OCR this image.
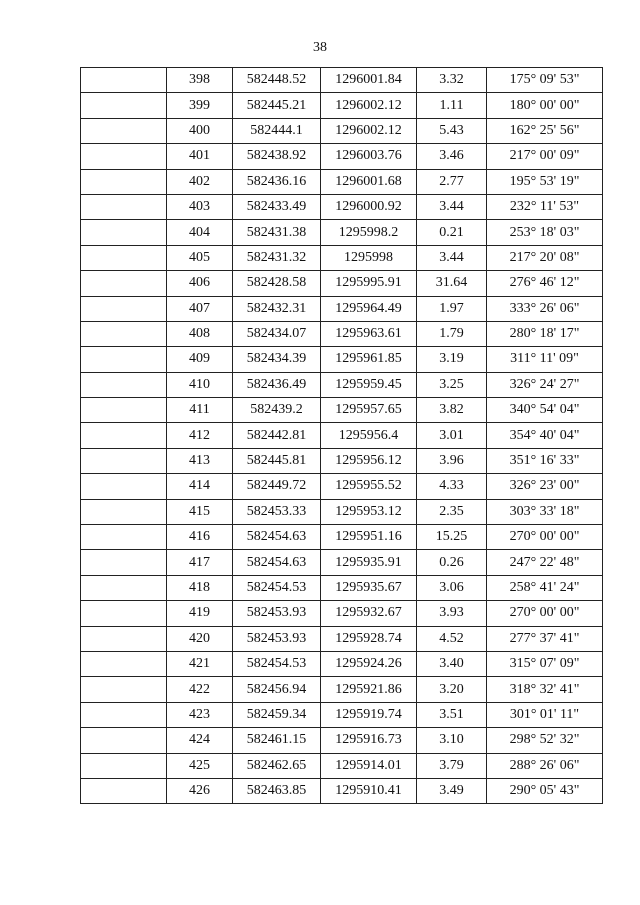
38
	398	582448.52	1296001.84	3.32	175° 09' 53"
	399	582445.21	1296002.12	1.11	180° 00' 00"
	400	582444.1	1296002.12	5.43	162° 25' 56"
	401	582438.92	1296003.76	3.46	217° 00' 09"
	402	582436.16	1296001.68	2.77	195° 53' 19"
	403	582433.49	1296000.92	3.44	232° 11' 53"
	404	582431.38	1295998.2	0.21	253° 18' 03"
	405	582431.32	1295998	3.44	217° 20' 08"
	406	582428.58	1295995.91	31.64	276° 46' 12"
	407	582432.31	1295964.49	1.97	333° 26' 06"
	408	582434.07	1295963.61	1.79	280° 18' 17"
	409	582434.39	1295961.85	3.19	311° 11' 09"
	410	582436.49	1295959.45	3.25	326° 24' 27"
	411	582439.2	1295957.65	3.82	340° 54' 04"
	412	582442.81	1295956.4	3.01	354° 40' 04"
	413	582445.81	1295956.12	3.96	351° 16' 33"
	414	582449.72	1295955.52	4.33	326° 23' 00"
	415	582453.33	1295953.12	2.35	303° 33' 18"
	416	582454.63	1295951.16	15.25	270° 00' 00"
	417	582454.63	1295935.91	0.26	247° 22' 48"
	418	582454.53	1295935.67	3.06	258° 41' 24"
	419	582453.93	1295932.67	3.93	270° 00' 00"
	420	582453.93	1295928.74	4.52	277° 37' 41"
	421	582454.53	1295924.26	3.40	315° 07' 09"
	422	582456.94	1295921.86	3.20	318° 32' 41"
	423	582459.34	1295919.74	3.51	301° 01' 11"
	424	582461.15	1295916.73	3.10	298° 52' 32"
	425	582462.65	1295914.01	3.79	288° 26' 06"
	426	582463.85	1295910.41	3.49	290° 05' 43"
